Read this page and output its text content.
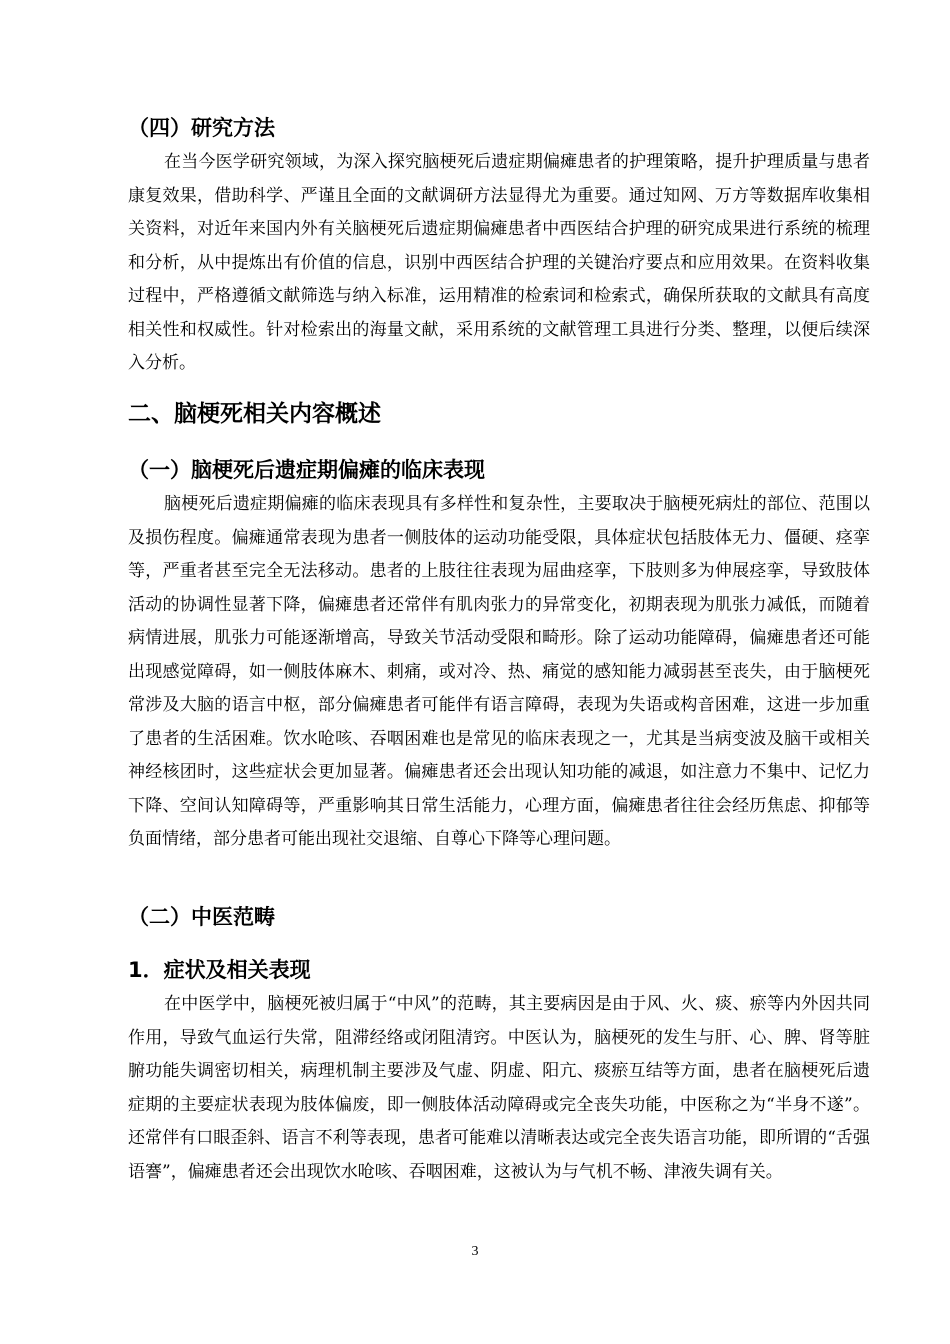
（四）研究方法

在当今医学研究领域，为深入探究脑梗死后遗症期偏瘫患者的护理策略，提升护理质量与患者康复效果，借助科学、严谨且全面的文献调研方法显得尤为重要。通过知网、万方等数据库收集相关资料，对近年来国内外有关脑梗死后遗症期偏瘫患者中西医结合护理的研究成果进行系统的梳理和分析，从中提炼出有价值的信息，识别中西医结合护理的关键治疗要点和应用效果。在资料收集过程中，严格遵循文献筛选与纳入标准，运用精准的检索词和检索式，确保所获取的文献具有高度相关性和权威性。针对检索出的海量文献，采用系统的文献管理工具进行分类、整理，以便后续深入分析。

二、脑梗死相关内容概述
（一）脑梗死后遗症期偏瘫的临床表现

脑梗死后遗症期偏瘫的临床表现具有多样性和复杂性，主要取决于脑梗死病灶的部位、范围以及损伤程度。偏瘫通常表现为患者一侧肢体的运动功能受限，具体症状包括肢体无力、僵硬、痉挛等，严重者甚至完全无法移动。患者的上肢往往表现为屈曲痉挛，下肢则多为伸展痉挛，导致肢体活动的协调性显著下降，偏瘫患者还常伴有肌肉张力的异常变化，初期表现为肌张力减低，而随着病情进展，肌张力可能逐渐增高，导致关节活动受限和畸形。除了运动功能障碍，偏瘫患者还可能出现感觉障碍，如一侧肢体麻木、刺痛，或对冷、热、痛觉的感知能力减弱甚至丧失，由于脑梗死常涉及大脑的语言中枢，部分偏瘫患者可能伴有语言障碍，表现为失语或构音困难，这进一步加重了患者的生活困难。饮水呛咳、吞咽困难也是常见的临床表现之一，尤其是当病变波及脑干或相关神经核团时，这些症状会更加显著。偏瘫患者还会出现认知功能的减退，如注意力不集中、记忆力下降、空间认知障碍等，严重影响其日常生活能力，心理方面，偏瘫患者往往会经历焦虑、抑郁等负面情绪，部分患者可能出现社交退缩、自尊心下降等心理问题。

（二）中医范畴
1．症状及相关表现

在中医学中，脑梗死被归属于“中风”的范畴，其主要病因是由于风、火、痰、瘀等内外因共同作用，导致气血运行失常，阻滞经络或闭阻清窍。中医认为，脑梗死的发生与肝、心、脾、肾等脏腑功能失调密切相关，病理机制主要涉及气虚、阴虚、阳亢、痰瘀互结等方面，患者在脑梗死后遗症期的主要症状表现为肢体偏废，即一侧肢体活动障碍或完全丧失功能，中医称之为“半身不遂”。还常伴有口眼歪斜、语言不利等表现，患者可能难以清晰表达或完全丧失语言功能，即所谓的“舌强语謇”，偏瘫患者还会出现饮水呛咳、吞咽困难，这被认为与气机不畅、津液失调有关。

3
